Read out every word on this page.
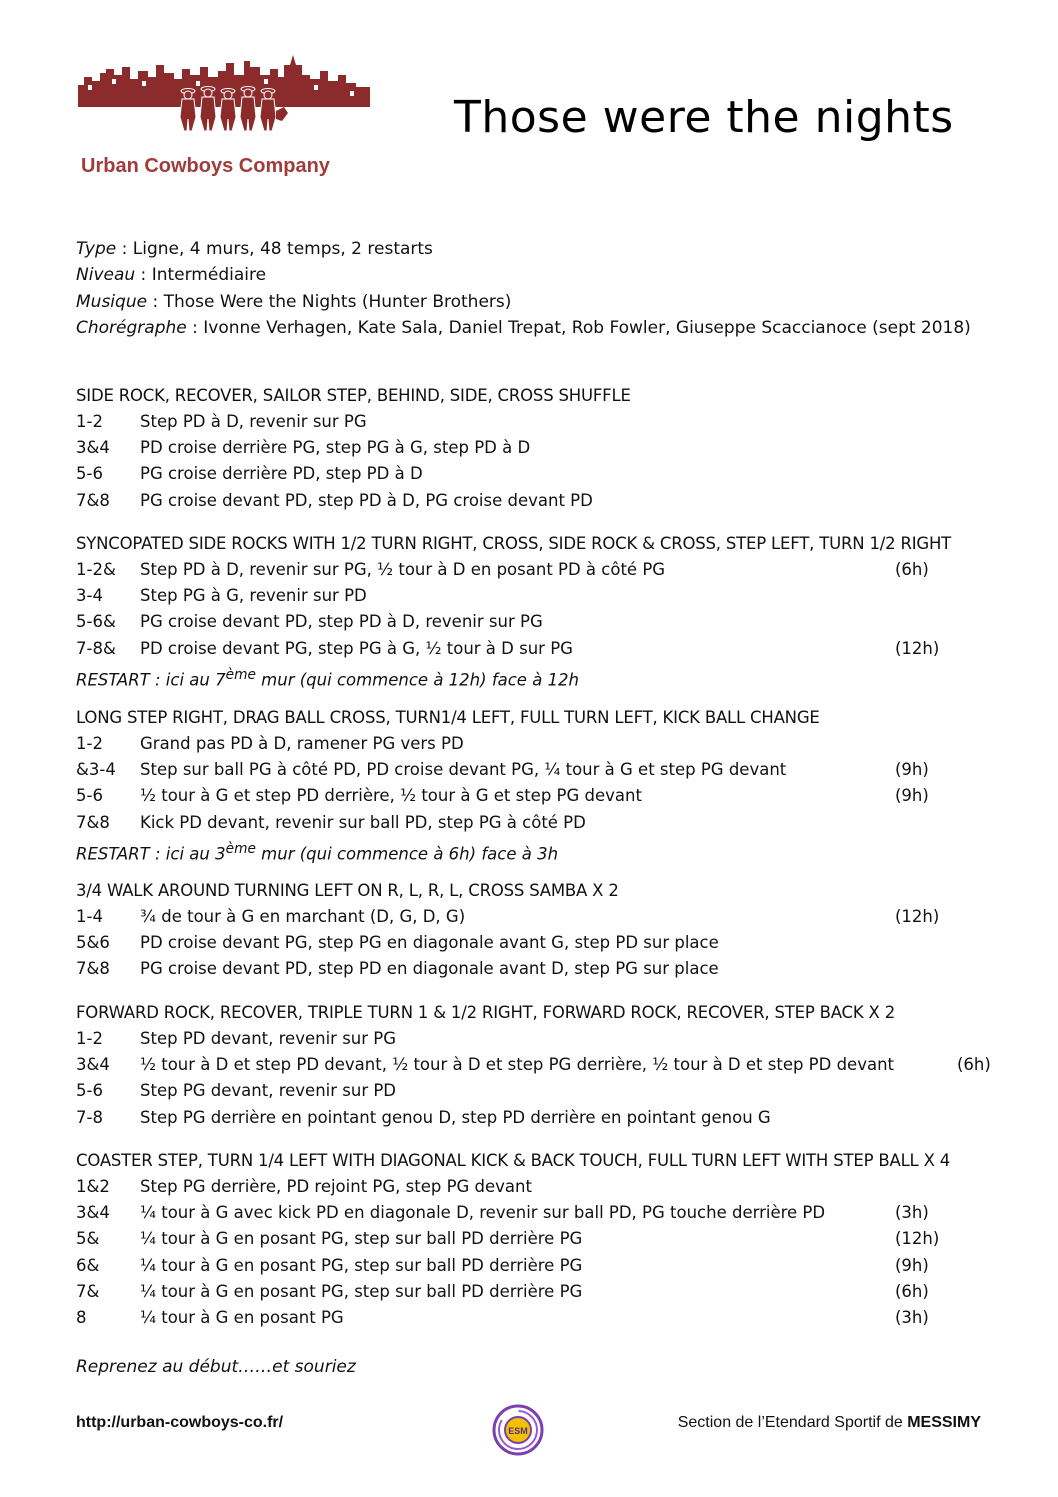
Urban Cowboys Company
Those were the nights
Type : Ligne, 4 murs, 48 temps, 2 restarts
Niveau : Intermédiaire
Musique : Those Were the Nights (Hunter Brothers)
Chorégraphe : Ivonne Verhagen, Kate Sala, Daniel Trepat, Rob Fowler, Giuseppe Scaccianoce (sept 2018)
SIDE ROCK, RECOVER, SAILOR STEP, BEHIND, SIDE, CROSS SHUFFLE
1-2 Step PD à D, revenir sur PG
3&4 PD croise derrière PG, step PG à G, step PD à D
5-6 PG croise derrière PD, step PD à D
7&8 PG croise devant PD, step PD à D, PG croise devant PD
SYNCOPATED SIDE ROCKS WITH 1/2 TURN RIGHT, CROSS, SIDE ROCK & CROSS, STEP LEFT, TURN 1/2 RIGHT
1-2& Step PD à D, revenir sur PG, ½ tour à D en posant PD à côté PG	(6h)
3-4 Step PG à G, revenir sur PD
5-6& PG croise devant PD, step PD à D, revenir sur PG
7-8& PD croise devant PG, step PG à G, ½ tour à D sur PG	(12h)
RESTART : ici au 7ème mur (qui commence à 12h) face à 12h
LONG STEP RIGHT, DRAG BALL CROSS, TURN1/4 LEFT, FULL TURN LEFT, KICK BALL CHANGE
1-2 Grand pas PD à D, ramener PG vers PD
&3-4 Step sur ball PG à côté PD, PD croise devant PG, ¼ tour à G et step PG devant	(9h)
5-6 ½ tour à G et step PD derrière, ½ tour à G et step PG devant	(9h)
7&8 Kick PD devant, revenir sur ball PD, step PG à côté PD
RESTART : ici au 3ème mur (qui commence à 6h) face à 3h
3/4 WALK AROUND TURNING LEFT ON R, L, R, L, CROSS SAMBA X 2
1-4 ¾ de tour à G en marchant (D, G, D, G)	(12h)
5&6 PD croise devant PG, step PG en diagonale avant G, step PD sur place
7&8 PG croise devant PD, step PD en diagonale avant D, step PG sur place
FORWARD ROCK, RECOVER, TRIPLE TURN 1 & 1/2 RIGHT, FORWARD ROCK, RECOVER, STEP BACK X 2
1-2 Step PD devant, revenir sur PG
3&4 ½ tour à D et step PD devant, ½ tour à D et step PG derrière, ½ tour à D et step PD devant	(6h)
5-6 Step PG devant, revenir sur PD
7-8 Step PG derrière en pointant genou D, step PD derrière en pointant genou G
COASTER STEP, TURN 1/4 LEFT WITH DIAGONAL KICK & BACK TOUCH, FULL TURN LEFT WITH STEP BALL X 4
1&2 Step PG derrière, PD rejoint PG, step PG devant
3&4 ¼ tour à G avec kick PD en diagonale D, revenir sur ball PD, PG touche derrière PD	(3h)
5& ¼ tour à G en posant PG, step sur ball PD derrière PG	(12h)
6& ¼ tour à G en posant PG, step sur ball PD derrière PG	(9h)
7& ¼ tour à G en posant PG, step sur ball PD derrière PG	(6h)
8	¼ tour à G en posant PG	(3h)
Reprenez au début……et souriez
http://urban-cowboys-co.fr/	ESM	Section de l’Etendard Sportif de MESSIMY
